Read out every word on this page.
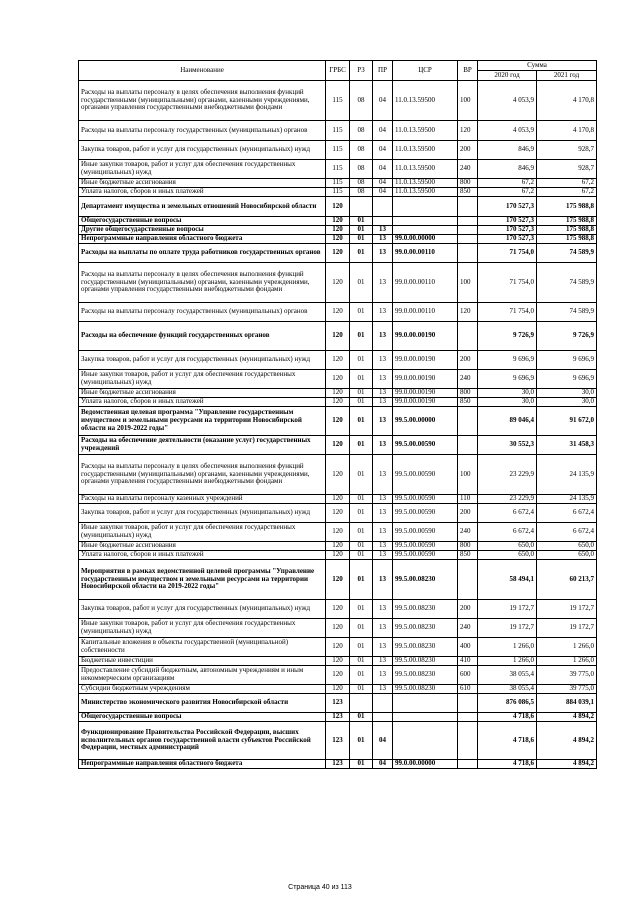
Наименование	ГРБС	РЗ	ПР	ЦСР	ВР	Сумма	
						2020 год	2021 год
Расходы на выплаты персоналу в целях обеспечения выполнения функций государственными (муниципальными) органами, казенными учреждениями, органами управления государственными внебюджетными фондами	115	08	04	11.0.13.59500	100	4 053,9	4 170,8
Расходы на выплаты персоналу государственных (муниципальных) органов	115	08	04	11.0.13.59500	120	4 053,9	4 170,8
Закупка товаров, работ и услуг для государственных (муниципальных) нужд	115	08	04	11.0.13.59500	200	846,9	928,7
Иные закупки товаров, работ и услуг для обеспечения государственных (муниципальных) нужд	115	08	04	11.0.13.59500	240	846,9	928,7
Иные бюджетные ассигнования	115	08	04	11.0.13.59500	800	67,2	67,2
Уплата налогов, сборов и иных платежей	115	08	04	11.0.13.59500	850	67,2	67,2
Департамент имущества и земельных отношений Новосибирской области	120					170 527,3	175 988,8
Общегосударственные вопросы	120	01				170 527,3	175 988,8
Другие общегосударственные вопросы	120	01	13			170 527,3	175 988,8
Непрограммные направления областного бюджета	120	01	13	99.0.00.00000		170 527,3	175 988,8
Расходы на выплаты по оплате труда работников государственных органов	120	01	13	99.0.00.00110		71 754,0	74 589,9
Расходы на выплаты персоналу в целях обеспечения выполнения функций государственными (муниципальными) органами, казенными учреждениями, органами управления государственными внебюджетными фондами	120	01	13	99.0.00.00110	100	71 754,0	74 589,9
Расходы на выплаты персоналу государственных (муниципальных) органов	120	01	13	99.0.00.00110	120	71 754,0	74 589,9
Расходы на обеспечение функций государственных органов	120	01	13	99.0.00.00190		9 726,9	9 726,9
Закупка товаров, работ и услуг для государственных (муниципальных) нужд	120	01	13	99.0.00.00190	200	9 696,9	9 696,9
Иные закупки товаров, работ и услуг для обеспечения государственных (муниципальных) нужд	120	01	13	99.0.00.00190	240	9 696,9	9 696,9
Иные бюджетные ассигнования	120	01	13	99.0.00.00190	800	30,0	30,0
Уплата налогов, сборов и иных платежей	120	01	13	99.0.00.00190	850	30,0	30,0
Ведомственная целевая программа "Управление государственным имуществом и земельными ресурсами на территории Новосибирской области на 2019-2022 годы"	120	01	13	99.5.00.00000		89 046,4	91 672,0
Расходы на обеспечение деятельности (оказание услуг) государственных учреждений	120	01	13	99.5.00.00590		30 552,3	31 458,3
Расходы на выплаты персоналу в целях обеспечения выполнения функций государственными (муниципальными) органами, казенными учреждениями, органами управления государственными внебюджетными фондами	120	01	13	99.5.00.00590	100	23 229,9	24 135,9
Расходы на выплаты персоналу казенных учреждений	120	01	13	99.5.00.00590	110	23 229,9	24 135,9
Закупка товаров, работ и услуг для государственных (муниципальных) нужд	120	01	13	99.5.00.00590	200	6 672,4	6 672,4
Иные закупки товаров, работ и услуг для обеспечения государственных (муниципальных) нужд	120	01	13	99.5.00.00590	240	6 672,4	6 672,4
Иные бюджетные ассигнования	120	01	13	99.5.00.00590	800	650,0	650,0
Уплата налогов, сборов и иных платежей	120	01	13	99.5.00.00590	850	650,0	650,0
Мероприятия в рамках ведомственной целевой программы "Управление государственным имуществом и земельными ресурсами на территории Новосибирской области на 2019-2022 годы"	120	01	13	99.5.00.08230		58 494,1	60 213,7
Закупка товаров, работ и услуг для государственных (муниципальных) нужд	120	01	13	99.5.00.08230	200	19 172,7	19 172,7
Иные закупки товаров, работ и услуг для обеспечения государственных (муниципальных) нужд	120	01	13	99.5.00.08230	240	19 172,7	19 172,7
Капитальные вложения в объекты государственной (муниципальной) собственности	120	01	13	99.5.00.08230	400	1 266,0	1 266,0
Бюджетные инвестиции	120	01	13	99.5.00.08230	410	1 266,0	1 266,0
Предоставление субсидий бюджетным, автономным учреждениям и иным некоммерческим организациям	120	01	13	99.5.00.08230	600	38 055,4	39 775,0
Субсидии бюджетным учреждениям	120	01	13	99.5.00.08230	610	38 055,4	39 775,0
Министерство экономического развития Новосибирской области	123					876 086,5	884 039,1
Общегосударственные вопросы	123	01				4 718,6	4 894,2
Функционирование Правительства Российской Федерации, высших исполнительных органов государственной власти субъектов Российской Федерации, местных администраций	123	01	04			4 718,6	4 894,2
Непрограммные направления областного бюджета	123	01	04	99.0.00.00000		4 718,6	4 894,2
Страница 40 из 113
